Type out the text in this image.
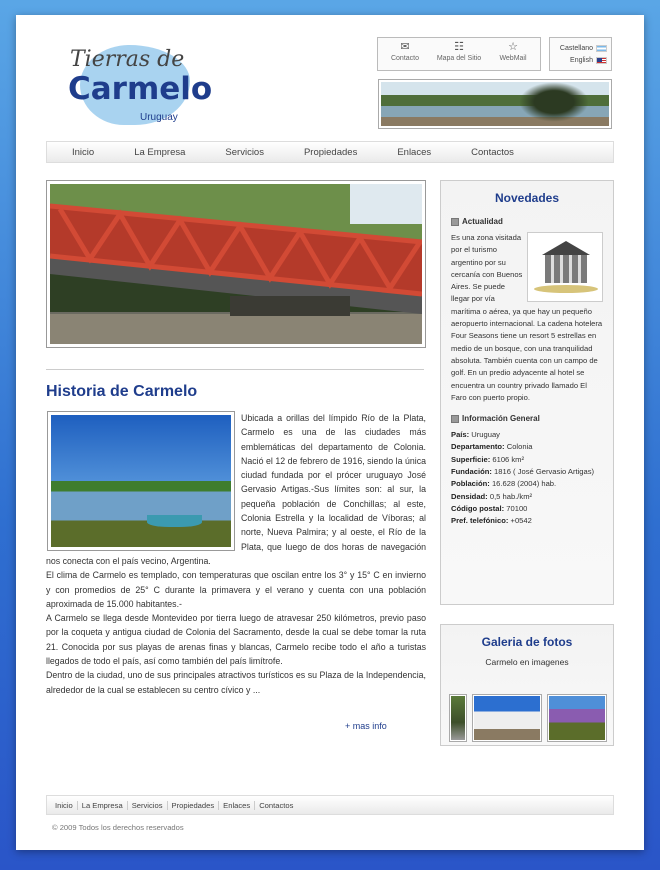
Tierras de
Carmelo
Uruguay
✉
Contacto
☷
Mapa del Sitio
☆
WebMail
Castellano
English
Inicio	La Empresa	Servicios	Propiedades	Enlaces	Contactos
Historia de Carmelo

Ubicada a orillas del límpido Río de la Plata, Carmelo es una de las ciudades más emblemáticas del departamento de Colonia. Nació el 12 de febrero de 1916, siendo la única ciudad fundada por el prócer uruguayo José Gervasio Artigas.-Sus límites son: al sur, la pequeña población de Conchillas; al este, Colonia Estrella y la localidad de Víboras; al norte, Nueva Palmira; y al oeste, el Río de la Plata, que luego de dos horas de navegación nos conecta con el país vecino, Argentina.

El clima de Carmelo es templado, con temperaturas que oscilan entre los 3° y 15° C en invierno y con promedios de 25° C durante la primavera y el verano y cuenta con una población aproximada de 15.000 habitantes.-

A Carmelo se llega desde Montevideo por tierra luego de atravesar 250 kilómetros, previo paso por la coqueta y antigua ciudad de Colonia del Sacramento, desde la cual se debe tomar la ruta 21. Conocida por sus playas de arenas finas y blancas, Carmelo recibe todo el año a turistas llegados de todo el país, así como también del país limítrofe.

Dentro de la ciudad, uno de sus principales atractivos turísticos es su Plaza de la Independencia, alrededor de la cual se establecen su centro cívico y ...

+ mas info
Novedades
Actualidad
Es una zona visitada por el turismo argentino por su cercanía con Buenos Aires. Se puede llegar por vía marítima o aérea, ya que hay un pequeño aeropuerto internacional. La cadena hotelera Four Seasons tiene un resort 5 estrellas en medio de un bosque, con una tranquilidad absoluta. También cuenta con un campo de golf. En un predio adyacente al hotel se encuentra un country privado llamado El Faro con puerto propio.
Información General
País: Uruguay
Departamento: Colonia
Superficie: 6106 km²
Fundación: 1816 ( José Gervasio Artigas)
Población: 16.628 (2004) hab.
Densidad: 0,5 hab./km²
Código postal: 70100
Pref. telefónico: +0542
Galeria de fotos
Carmelo en imagenes
Inicio	La Empresa	Servicios	Propiedades	Enlaces	Contactos
© 2009 Todos los derechos reservados
